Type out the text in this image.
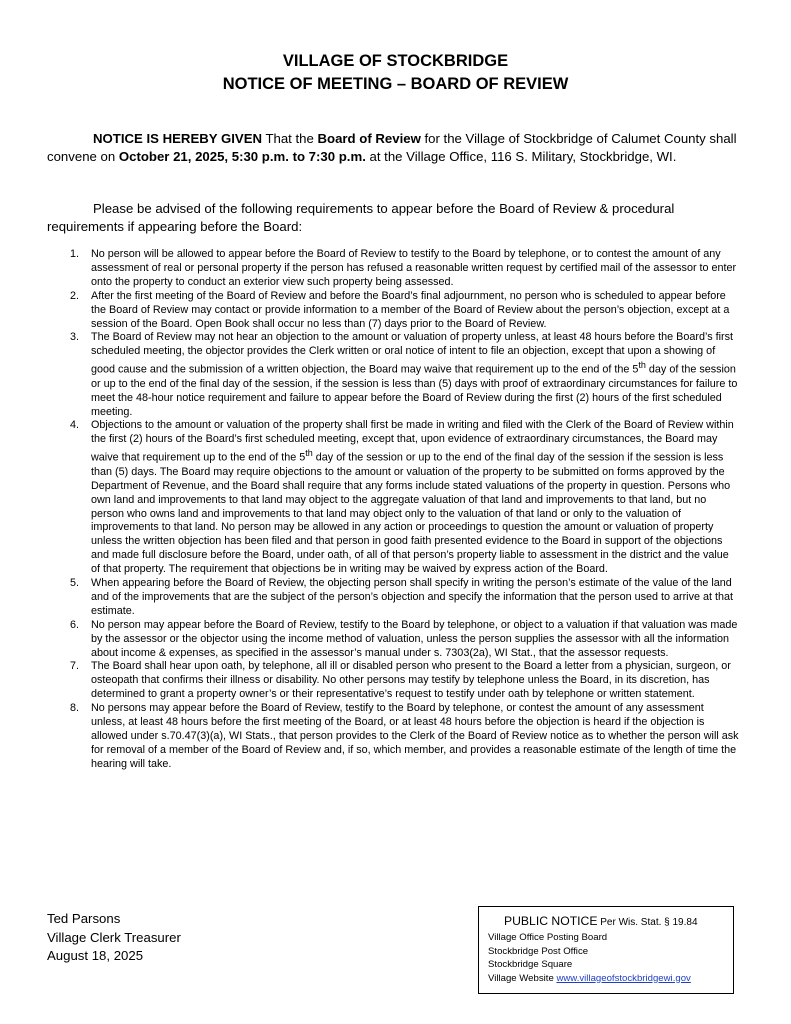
VILLAGE OF STOCKBRIDGE
NOTICE OF MEETING – BOARD OF REVIEW
NOTICE IS HEREBY GIVEN That the Board of Review for the Village of Stockbridge of Calumet County shall convene on October 21, 2025, 5:30 p.m. to 7:30 p.m. at the Village Office, 116 S. Military, Stockbridge, WI.
Please be advised of the following requirements to appear before the Board of Review & procedural requirements if appearing before the Board:
1. No person will be allowed to appear before the Board of Review to testify to the Board by telephone, or to contest the amount of any assessment of real or personal property if the person has refused a reasonable written request by certified mail of the assessor to enter onto the property to conduct an exterior view such property being assessed.
2. After the first meeting of the Board of Review and before the Board’s final adjournment, no person who is scheduled to appear before the Board of Review may contact or provide information to a member of the Board of Review about the person’s objection, except at a session of the Board. Open Book shall occur no less than (7) days prior to the Board of Review.
3. The Board of Review may not hear an objection to the amount or valuation of property unless, at least 48 hours before the Board’s first scheduled meeting, the objector provides the Clerk written or oral notice of intent to file an objection, except that upon a showing of good cause and the submission of a written objection, the Board may waive that requirement up to the end of the 5th day of the session or up to the end of the final day of the session, if the session is less than (5) days with proof of extraordinary circumstances for failure to meet the 48-hour notice requirement and failure to appear before the Board of Review during the first (2) hours of the first scheduled meeting.
4. Objections to the amount or valuation of the property shall first be made in writing and filed with the Clerk of the Board of Review within the first (2) hours of the Board’s first scheduled meeting, except that, upon evidence of extraordinary circumstances, the Board may waive that requirement up to the end of the 5th day of the session or up to the end of the final day of the session if the session is less than (5) days. The Board may require objections to the amount or valuation of the property to be submitted on forms approved by the Department of Revenue, and the Board shall require that any forms include stated valuations of the property in question. Persons who own land and improvements to that land may object to the aggregate valuation of that land and improvements to that land, but no person who owns land and improvements to that land may object only to the valuation of that land or only to the valuation of improvements to that land. No person may be allowed in any action or proceedings to question the amount or valuation of property unless the written objection has been filed and that person in good faith presented evidence to the Board in support of the objections and made full disclosure before the Board, under oath, of all of that person’s property liable to assessment in the district and the value of that property. The requirement that objections be in writing may be waived by express action of the Board.
5. When appearing before the Board of Review, the objecting person shall specify in writing the person’s estimate of the value of the land and of the improvements that are the subject of the person’s objection and specify the information that the person used to arrive at that estimate.
6. No person may appear before the Board of Review, testify to the Board by telephone, or object to a valuation if that valuation was made by the assessor or the objector using the income method of valuation, unless the person supplies the assessor with all the information about income & expenses, as specified in the assessor’s manual under s. 7303(2a), WI Stat., that the assessor requests.
7. The Board shall hear upon oath, by telephone, all ill or disabled person who present to the Board a letter from a physician, surgeon, or osteopath that confirms their illness or disability. No other persons may testify by telephone unless the Board, in its discretion, has determined to grant a property owner’s or their representative’s request to testify under oath by telephone or written statement.
8. No persons may appear before the Board of Review, testify to the Board by telephone, or contest the amount of any assessment unless, at least 48 hours before the first meeting of the Board, or at least 48 hours before the objection is heard if the objection is allowed under s.70.47(3)(a), WI Stats., that person provides to the Clerk of the Board of Review notice as to whether the person will ask for removal of a member of the Board of Review and, if so, which member, and provides a reasonable estimate of the length of time the hearing will take.
Ted Parsons
Village Clerk Treasurer
August 18, 2025
PUBLIC NOTICE Per Wis. Stat. § 19.84
Village Office Posting Board
Stockbridge Post Office
Stockbridge Square
Village Website www.villageofstockbridgewi.gov
